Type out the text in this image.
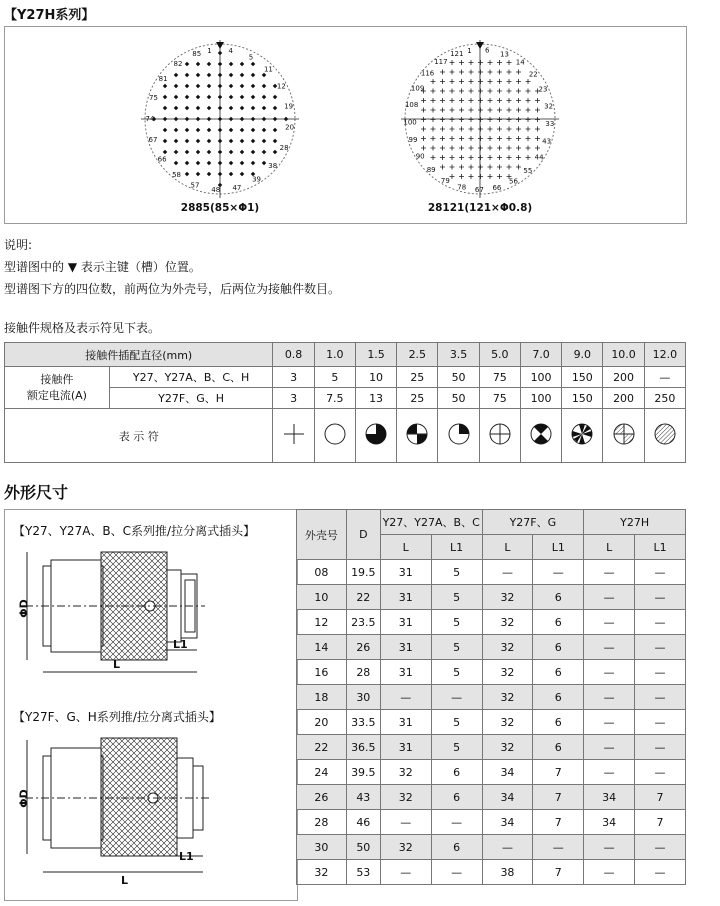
【Y27H系列】
1 4
5
11
12
19
20
28
38
39
47
48
57
58
66
67
74
75
81
82
85
2885(85×Φ1)
1 6
13
14
22
23
32
33
43
44
55
56
66
67
78
79
89
90
99
100
108
109
116
117
121
28121(121×Φ0.8)
说明:
型谱图中的 ▼ 表示主键（槽）位置。
型谱图下方的四位数，前两位为外壳号，后两位为接触件数目。
接触件规格及表示符见下表。
接触件插配直径(mm)		0.8	1.0	1.5	2.5	3.5	5.0	7.0	9.0	10.0	12.0
接触件
额定电流(A)	Y27、Y27A、B、C、H	3	5	10	25	50	75	100	150	200	—
	Y27F、G、H	3	7.5	13	25	50	75	100	150	200	250
表 示 符										
外形尺寸
【Y27、Y27A、B、C系列推/拉分离式插头】
ΦD
L
L1
【Y27F、G、H系列推/拉分离式插头】
ΦD
L
L1
外壳号	D	Y27、Y27A、B、C		Y27F、G		Y27H	
		L	L1	L	L1	L	L1
08	19.5	31	5	—	—	—	—
10	22	31	5	32	6	—	—
12	23.5	31	5	32	6	—	—
14	26	31	5	32	6	—	—
16	28	31	5	32	6	—	—
18	30	—	—	32	6	—	—
20	33.5	31	5	32	6	—	—
22	36.5	31	5	32	6	—	—
24	39.5	32	6	34	7	—	—
26	43	32	6	34	7	34	7
28	46	—	—	34	7	34	7
30	50	32	6	—	—	—	—
32	53	—	—	38	7	—	—
